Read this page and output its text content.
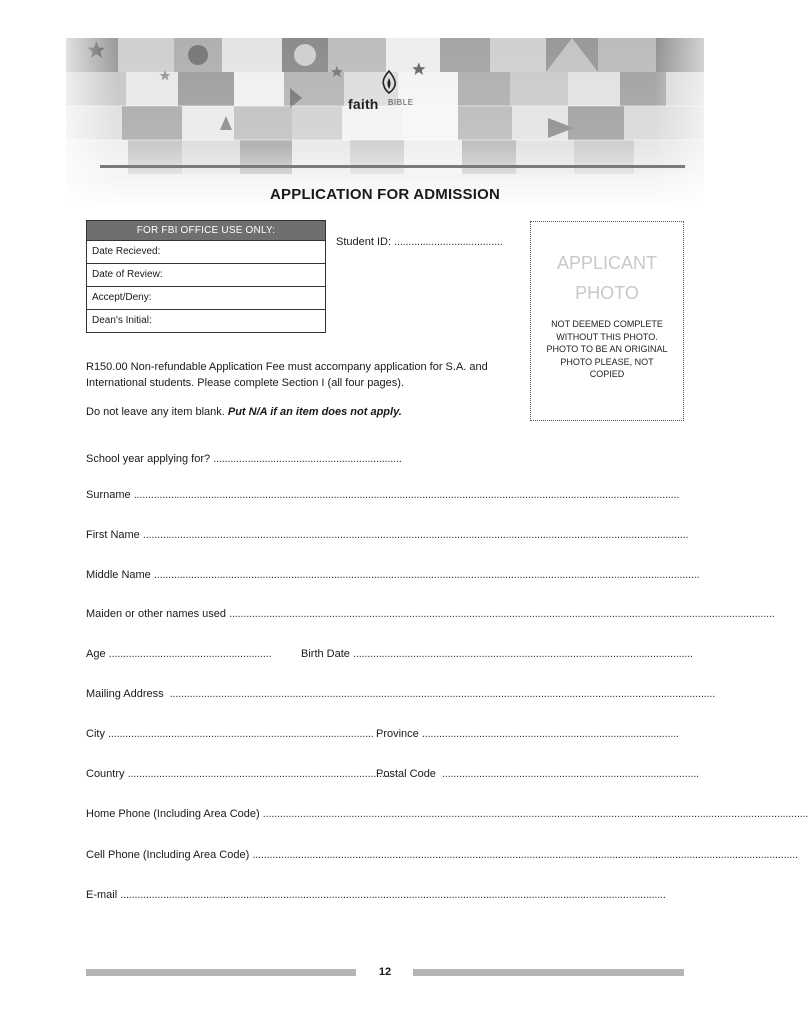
faith BIBLE
APPLICATION FOR ADMISSION
FOR FBI OFFICE USE ONLY:
Date Recieved:
Date of Review:
Accept/Deny:
Dean's Initial:
Student ID: ......................................
APPLICANT
PHOTO
NOT DEEMED COMPLETE WITHOUT THIS PHOTO. PHOTO TO BE AN ORIGINAL PHOTO PLEASE, NOT COPIED
R150.00 Non-refundable Application Fee must accompany application for S.A. and International students. Please complete Section I (all four pages).
Do not leave any item blank. Put N/A if an item does not apply.
School year applying for? ..................................................................
Surname ...............................................................................................................................................................................................
First Name ...............................................................................................................................................................................................
Middle Name ...............................................................................................................................................................................................
Maiden or other names used ...............................................................................................................................................................................................
Age .........................................................	Birth Date .......................................................................................................................
Mailing Address  ...............................................................................................................................................................................................
City ............................................................................................. Province ..........................................................................................
Country .............................................................................................
Postal Code  ..........................................................................................
Home Phone (Including Area Code) ...............................................................................................................................................................................................
Cell Phone (Including Area Code) ...............................................................................................................................................................................................
E-mail ...............................................................................................................................................................................................
12
